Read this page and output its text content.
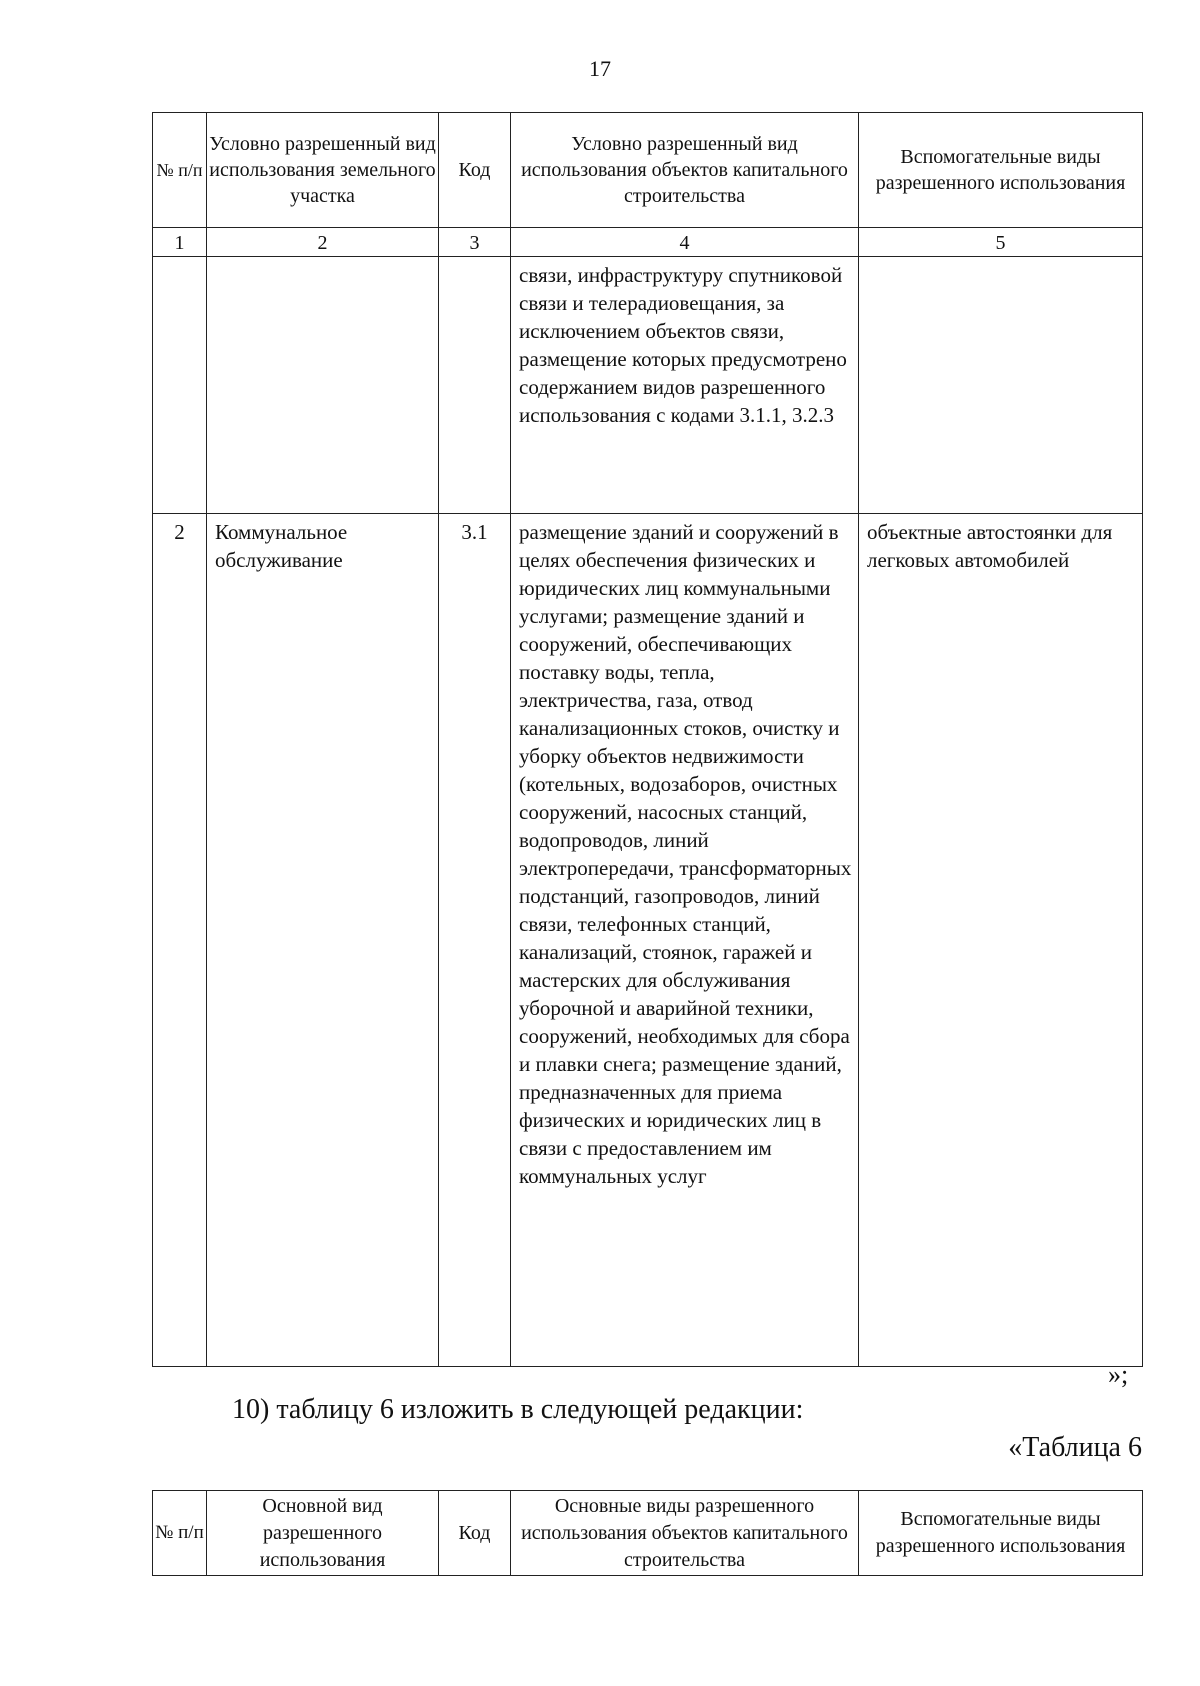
17
№ п/п	Условно разрешенный вид использования земельного участка	Код	Условно разрешенный вид использования объектов капитального строительства	Вспомогательные виды разрешенного использования
1	2	3	4	5
			связи, инфраструктуру спутниковой связи и телерадиовещания, за исключением объектов связи, размещение которых предусмотрено содержанием видов разрешенного использования с кодами 3.1.1, 3.2.3	
2	Коммунальное обслуживание	3.1	размещение зданий и сооружений в целях обеспечения физических и юридических лиц коммунальными услугами; размещение зданий и сооружений, обеспечивающих поставку воды, тепла, электричества, газа, отвод канализационных стоков, очистку и уборку объектов недвижимости (котельных, водозаборов, очистных сооружений, насосных станций, водопроводов, линий электропередачи, трансформаторных подстанций, газопроводов, линий связи, телефонных станций, канализаций, стоянок, гаражей и мастерских для обслуживания уборочной и аварийной техники, сооружений, необходимых для сбора и плавки снега; размещение зданий, предназначенных для приема физических и юридических лиц в связи с предоставлением им коммунальных услуг	объектные автостоянки для легковых автомобилей
»;
10) таблицу 6 изложить в следующей редакции:
«Таблица 6
№ п/п	Основной вид разрешенного использования	Код	Основные виды разрешенного использования объектов капитального строительства	Вспомогательные виды разрешенного использования
